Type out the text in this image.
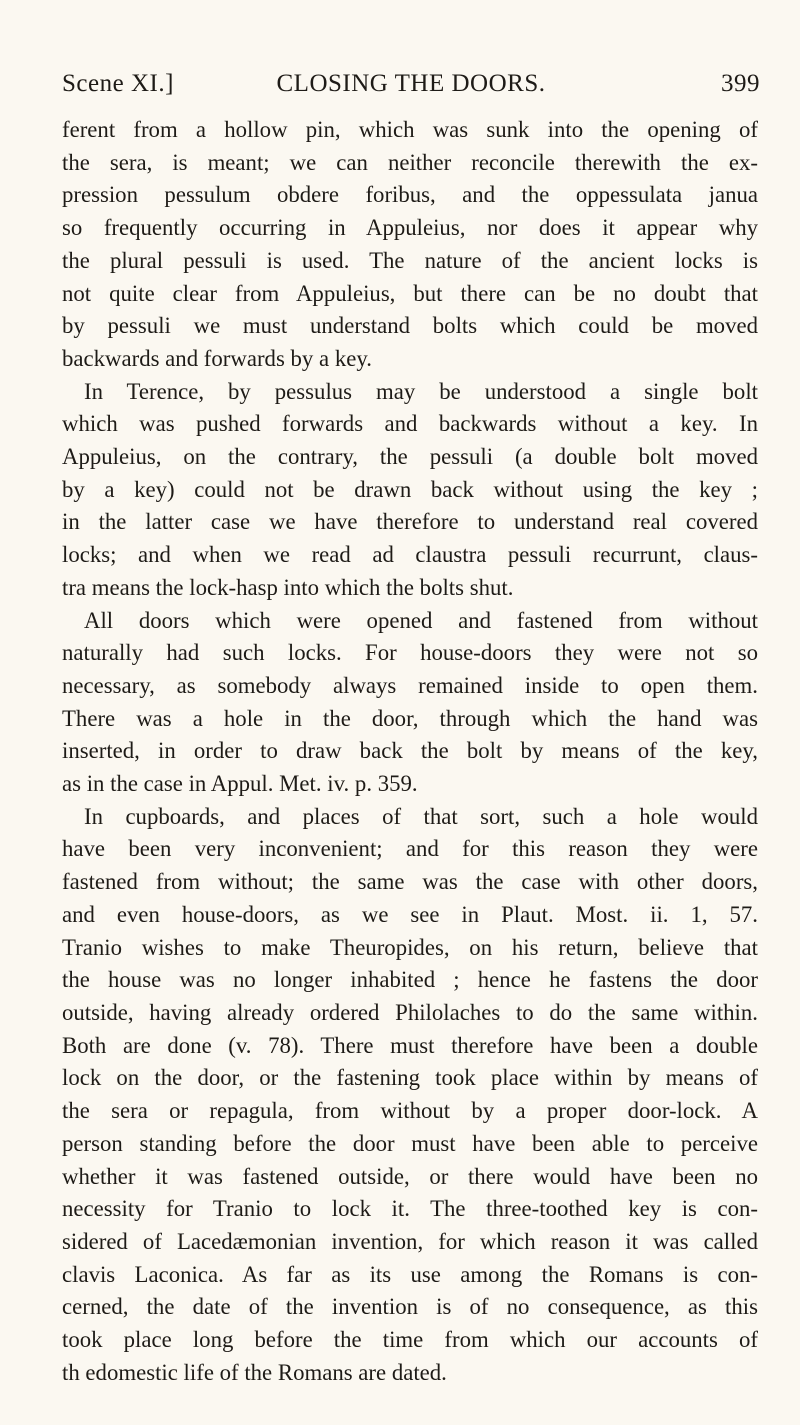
Scene XI.]	CLOSING THE DOORS.	399
ferent from a hollow pin, which was sunk into the opening of
the sera, is meant; we can neither reconcile therewith the ex-
pression pessulum obdere foribus, and the oppessulata janua
so frequently occurring in Appuleius, nor does it appear why
the plural pessuli is used. The nature of the ancient locks is
not quite clear from Appuleius, but there can be no doubt that
by pessuli we must understand bolts which could be moved
backwards and forwards by a key.
In Terence, by pessulus may be understood a single bolt
which was pushed forwards and backwards without a key. In
Appuleius, on the contrary, the pessuli (a double bolt moved
by a key) could not be drawn back without using the key ;
in the latter case we have therefore to understand real covered
locks; and when we read ad claustra pessuli recurrunt, claus-
tra means the lock-hasp into which the bolts shut.
All doors which were opened and fastened from without
naturally had such locks. For house-doors they were not so
necessary, as somebody always remained inside to open them.
There was a hole in the door, through which the hand was
inserted, in order to draw back the bolt by means of the key,
as in the case in Appul. Met. iv. p. 359.
In cupboards, and places of that sort, such a hole would
have been very inconvenient; and for this reason they were
fastened from without; the same was the case with other doors,
and even house-doors, as we see in Plaut. Most. ii. 1, 57.
Tranio wishes to make Theuropides, on his return, believe that
the house was no longer inhabited ; hence he fastens the door
outside, having already ordered Philolaches to do the same within.
Both are done (v. 78). There must therefore have been a double
lock on the door, or the fastening took place within by means of
the sera or repagula, from without by a proper door-lock. A
person standing before the door must have been able to perceive
whether it was fastened outside, or there would have been no
necessity for Tranio to lock it. The three-toothed key is con-
sidered of Lacedæmonian invention, for which reason it was called
clavis Laconica. As far as its use among the Romans is con-
cerned, the date of the invention is of no consequence, as this
took place long before the time from which our accounts of
th edomestic life of the Romans are dated.
